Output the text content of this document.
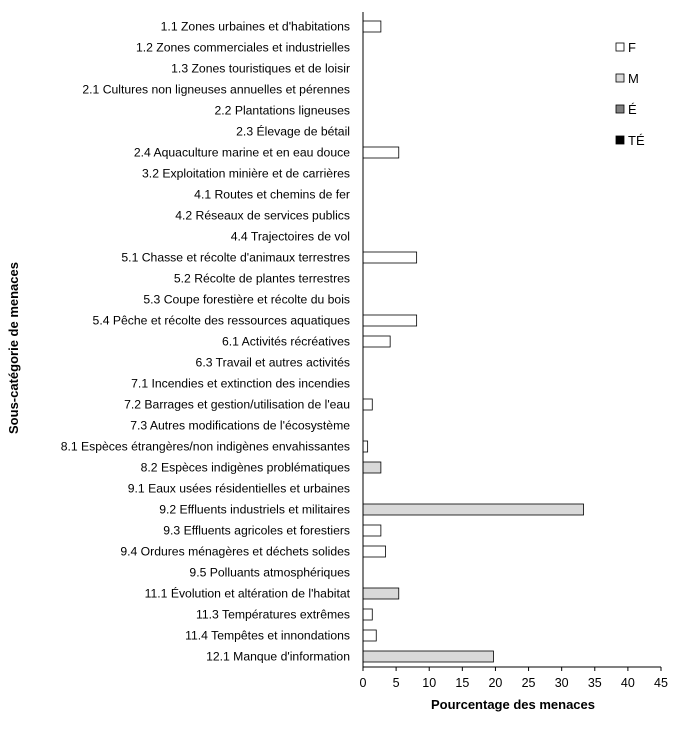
1.1 Zones urbaines et d'habitations
1.2 Zones commerciales et industrielles
1.3 Zones touristiques et de loisir
2.1 Cultures non ligneuses annuelles et pérennes
2.2 Plantations ligneuses
2.3 Élevage de bétail
2.4 Aquaculture marine et en eau douce
3.2 Exploitation minière et de carrières
4.1 Routes et chemins de fer
4.2 Réseaux de services publics
4.4 Trajectoires de vol
5.1 Chasse et récolte d'animaux terrestres
5.2 Récolte de plantes terrestres
5.3 Coupe forestière et récolte du bois
5.4 Pêche et récolte des ressources aquatiques
6.1 Activités récréatives
6.3 Travail et autres activités
7.1 Incendies et extinction des incendies
7.2 Barrages et gestion/utilisation de l'eau
7.3 Autres modifications de l'écosystème
8.1 Espèces étrangères/non indigènes envahissantes
8.2 Espèces indigènes problématiques
9.1 Eaux usées résidentielles et urbaines
9.2 Effluents industriels et militaires
9.3 Effluents agricoles et forestiers
9.4 Ordures ménagères et déchets solides
9.5 Polluants atmosphériques
11.1 Évolution et altération de l'habitat
11.3 Températures extrêmes
11.4 Tempêtes et innondations
12.1 Manque d'information
0 5 10 15 20 25 30 35 40 45
Pourcentage des menaces
Sous-catégorie de menaces
F
M
É
TÉ
